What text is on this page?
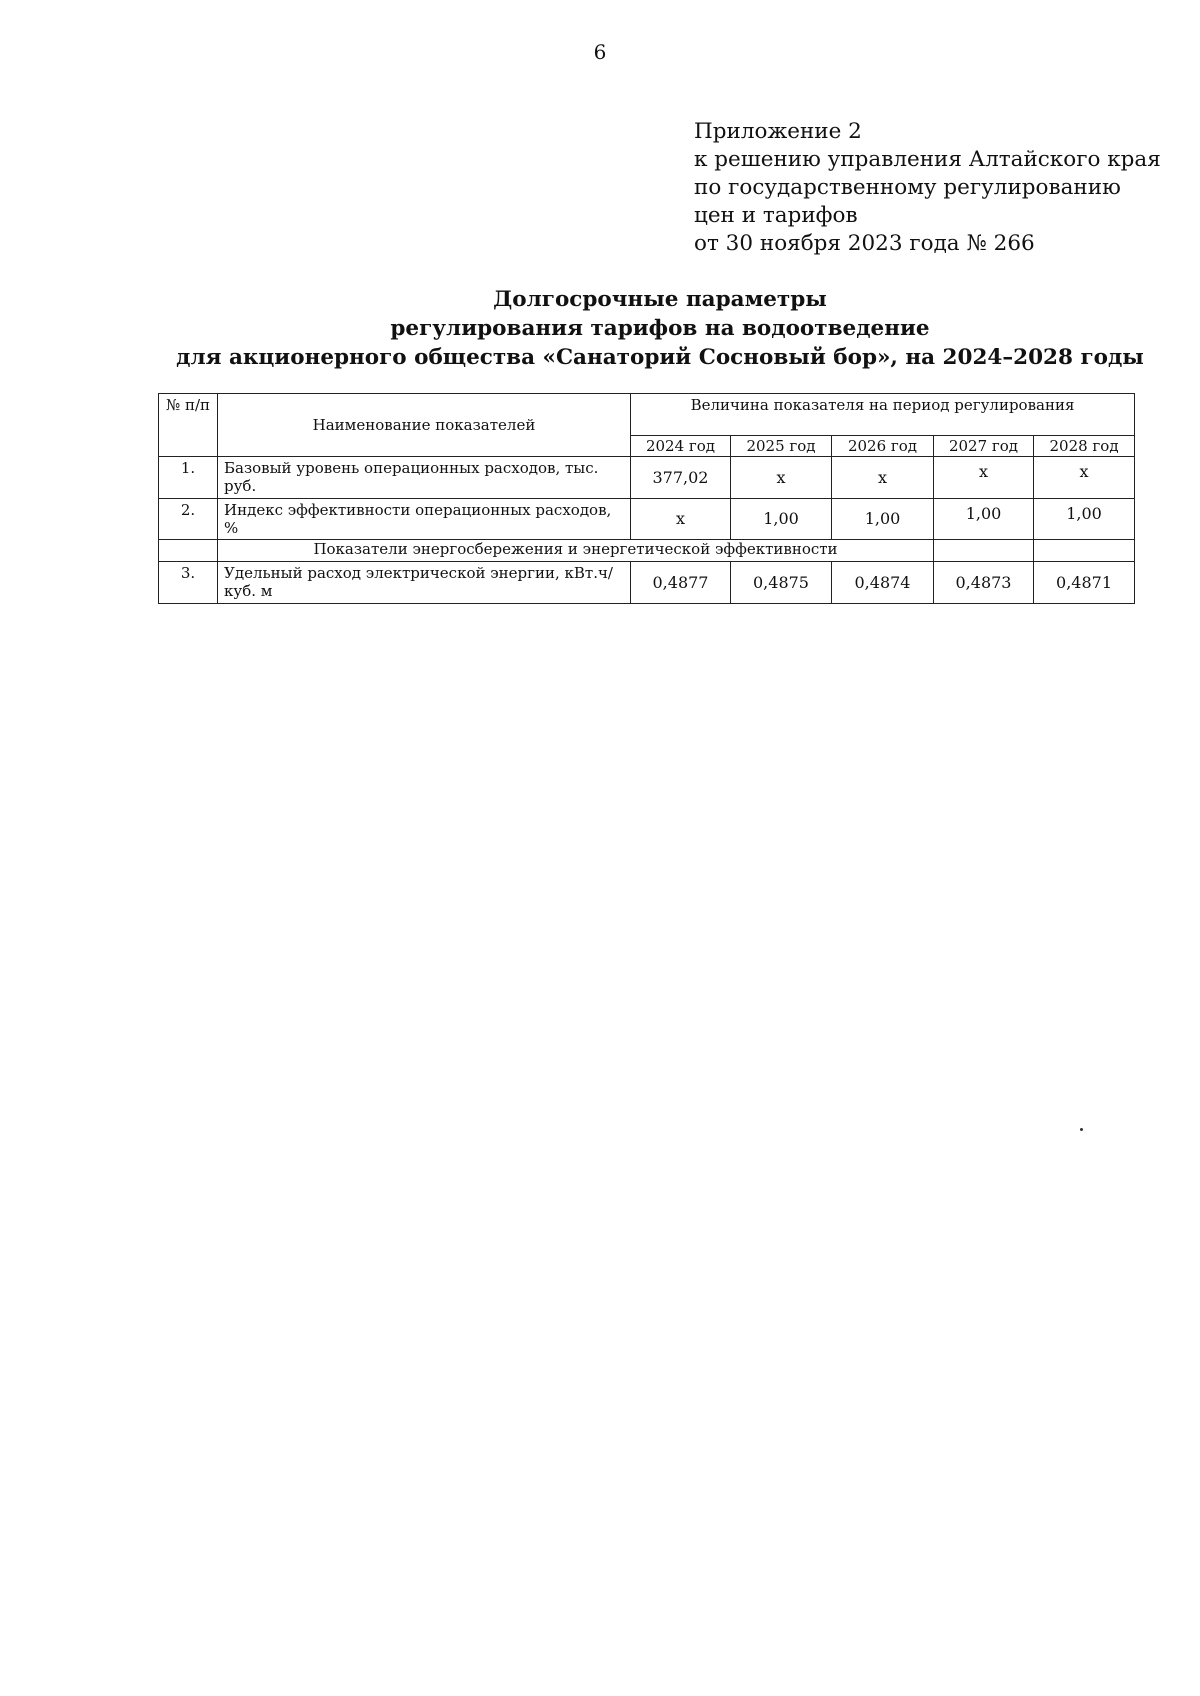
6
Приложение 2
к решению управления Алтайского края
по государственному регулированию
цен и тарифов
от 30 ноября 2023 года № 266
Долгосрочные параметры
регулирования тарифов на водоотведение
для акционерного общества «Санаторий Сосновый бор», на 2024–2028 годы
№ п/п	Наименование показателей	Величина показателя на период регулирования				
		2024 год	2025 год	2026 год	2027 год	2028 год
1.	Базовый уровень операционных расходов, тыс. руб.	377,02	x	x	x	x
2.	Индекс эффективности операционных расходов, %	x	1,00	1,00	1,00	1,00
	Показатели энергосбережения и энергетической эффективности					
3.	Удельный расход электрической энергии, кВт.ч/куб. м	0,4877	0,4875	0,4874	0,4873	0,4871
